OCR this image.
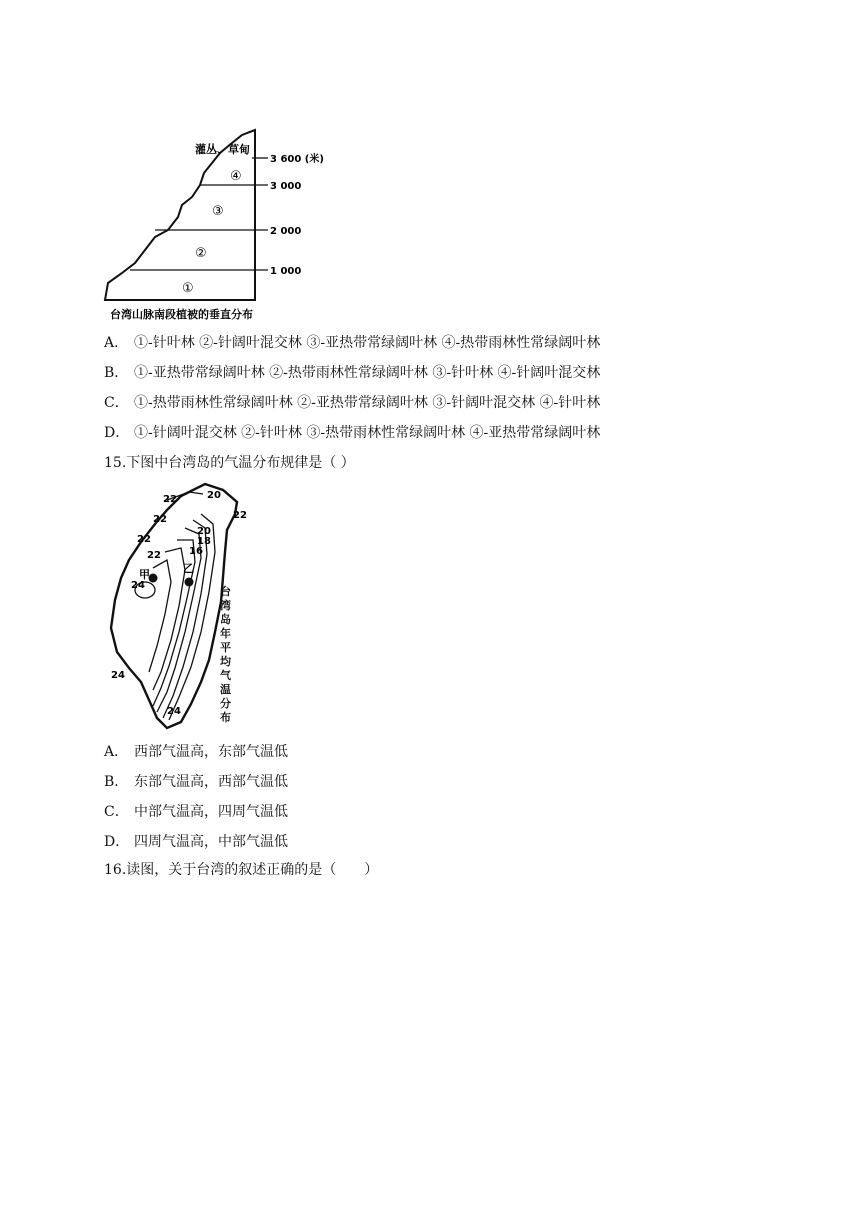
灌丛、草甸
④
③
②
①
3 600 (米)
3 000
2 000
1 000
台湾山脉南段植被的垂直分布
A． ①-针叶林 ②-针阔叶混交林 ③-亚热带常绿阔叶林 ④-热带雨林性常绿阔叶林
B． ①-亚热带常绿阔叶林 ②-热带雨林性常绿阔叶林 ③-针叶林 ④-针阔叶混交林
C． ①-热带雨林性常绿阔叶林 ②-亚热带常绿阔叶林 ③-针阔叶混交林 ④-针叶林
D． ①-针阔叶混交林 ②-针叶林 ③-热带雨林性常绿阔叶林 ④-亚热带常绿阔叶林
15.下图中台湾岛的气温分布规律是（ ）
22	20
22
22
22
20
18
16
22
24
24
24
甲	乙
台湾岛年平均气温分布
A． 西部气温高，东部气温低
B． 东部气温高，西部气温低
C． 中部气温高，四周气温低
D． 四周气温高，中部气温低
16.读图，关于台湾的叙述正确的是（　　）
